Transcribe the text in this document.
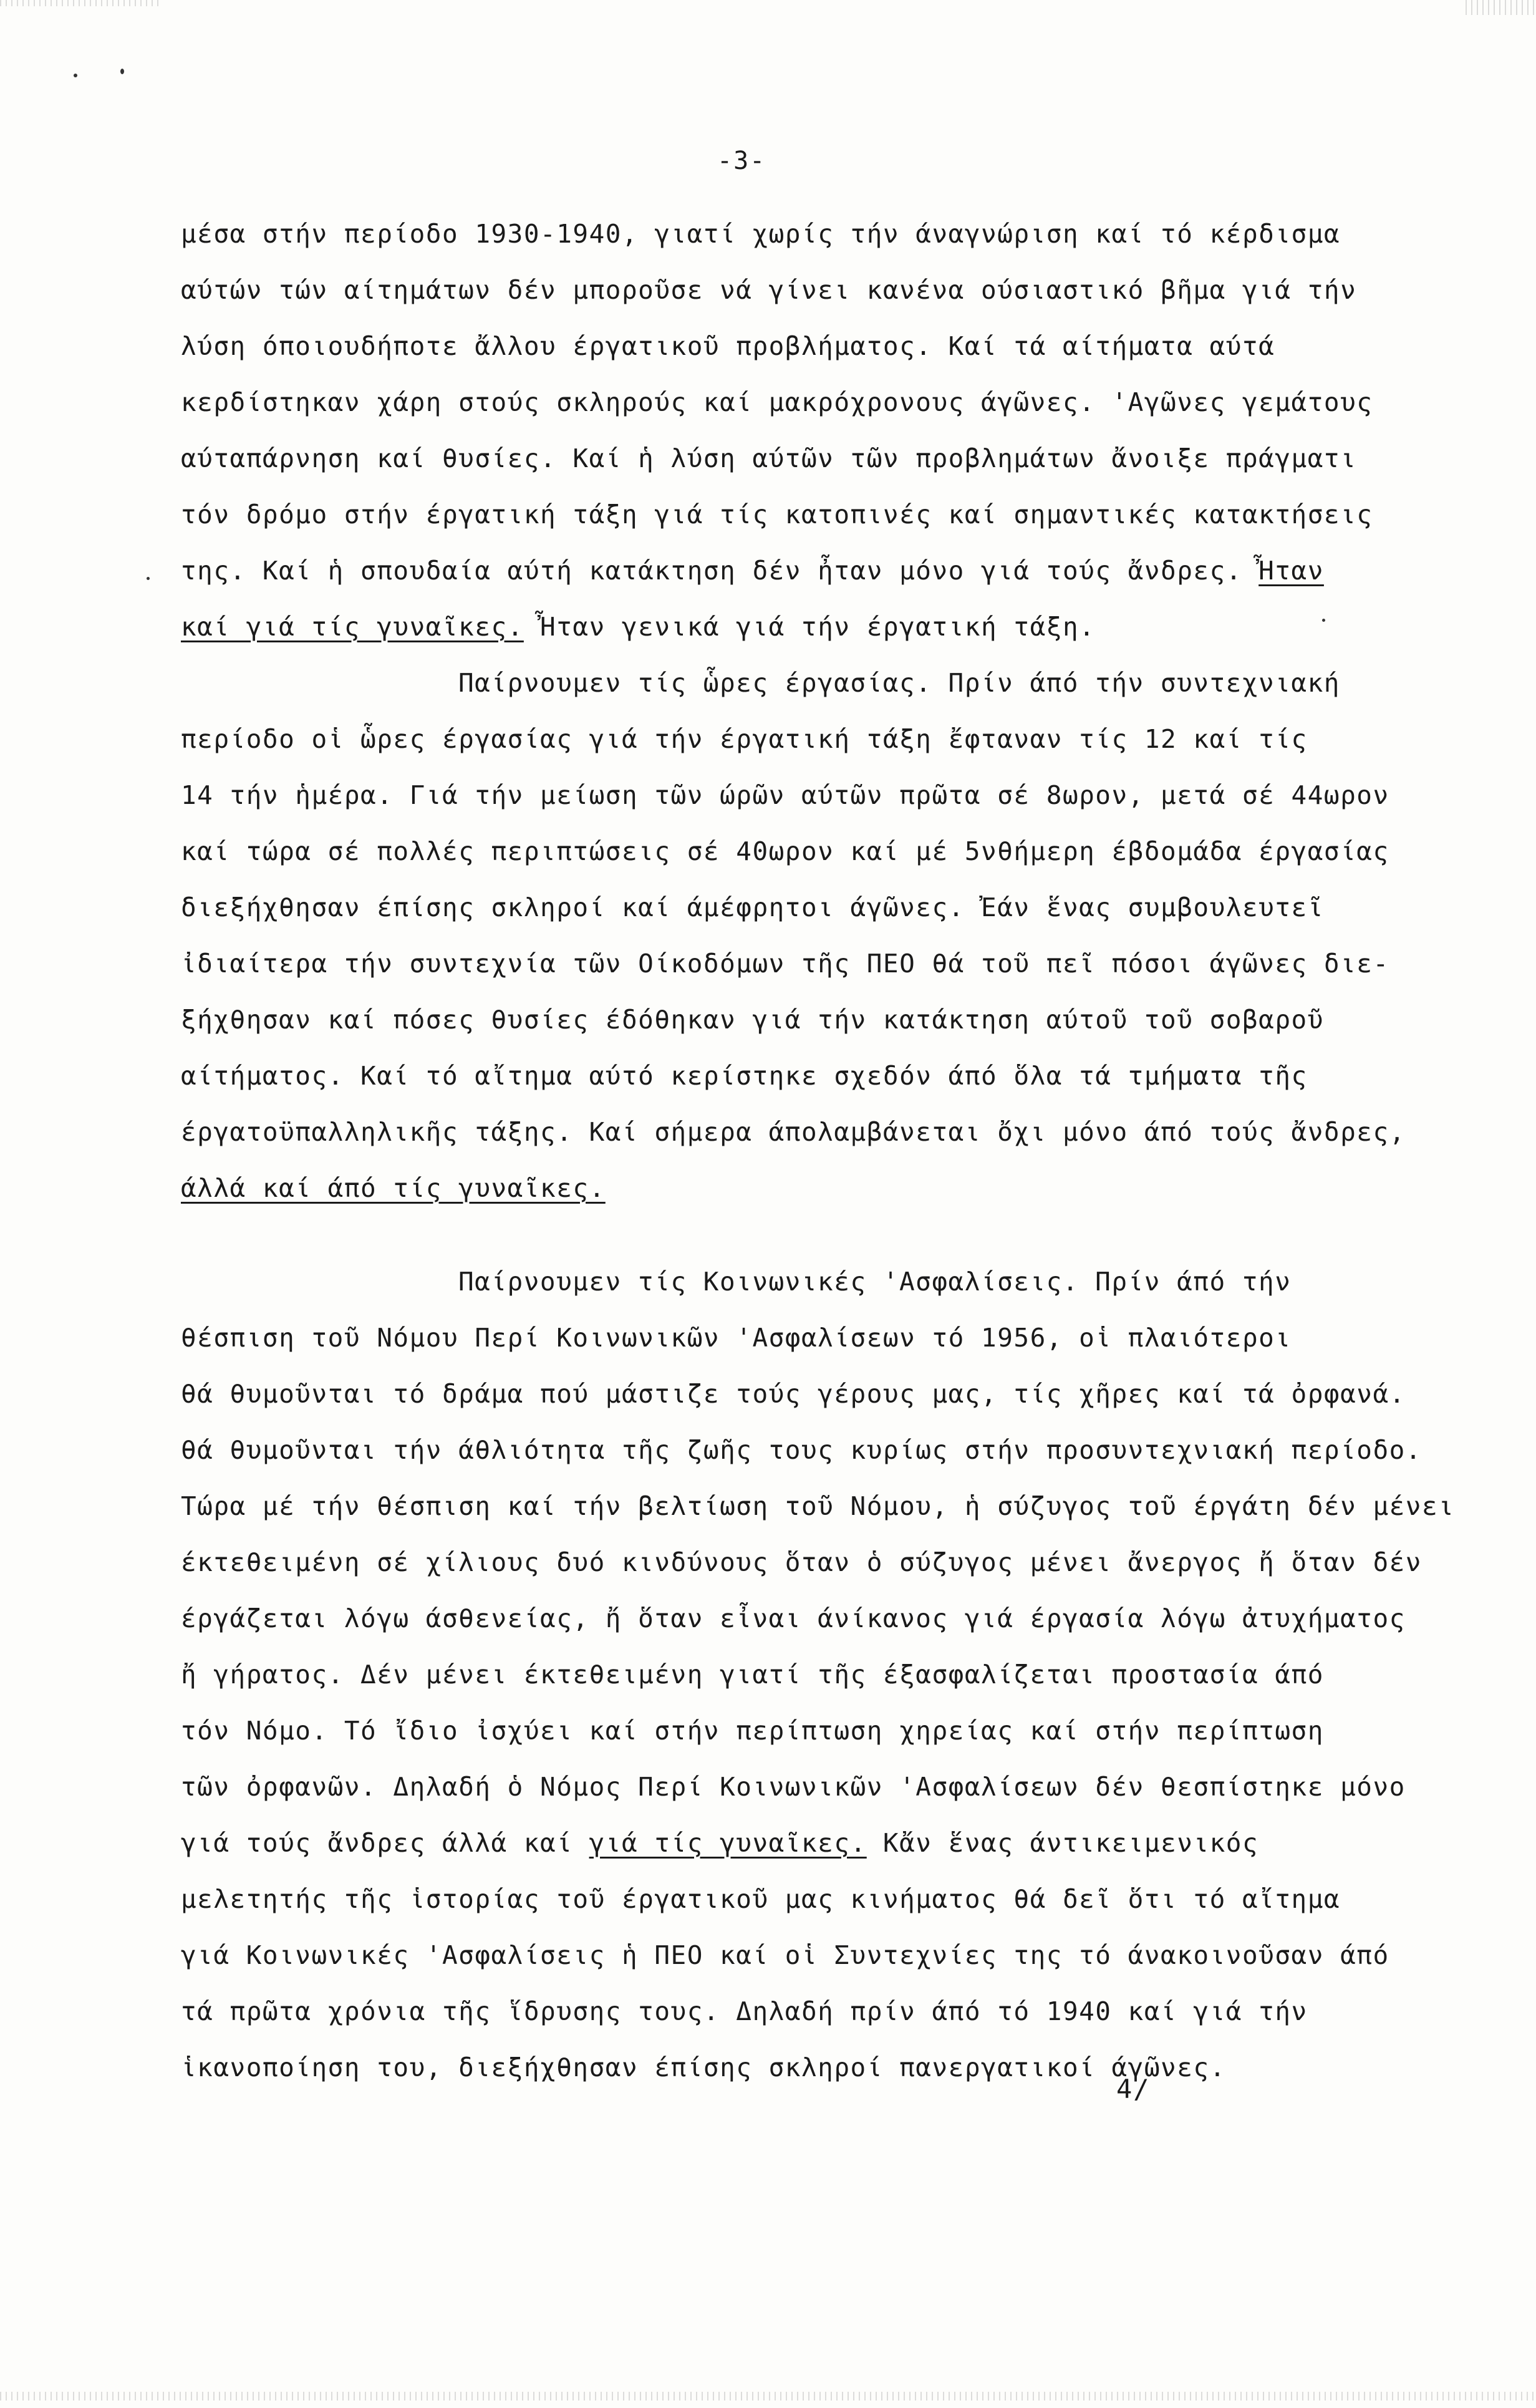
-3-
μέσα στήν περίοδο 1930-1940, γιατί χωρίς τήν άναγνώριση καί τό κέρδισμα
αύτών τών αίτημάτων δέν μποροῦσε νά γίνει κανένα ούσιαστικό βῆμα γιά τήν
λύση όποιουδήποτε ἄλλου έργατικοῦ προβλήματος. Καί τά αίτήματα αύτά
κερδίστηκαν χάρη στούς σκληρούς καί μακρόχρονους άγῶνες. 'Αγῶνες γεμάτους
αύταπάρνηση καί θυσίες. Καί ἡ λύση αύτῶν τῶν προβλημάτων ἄνοιξε πράγματι
τόν δρόμο στήν έργατική τάξη γιά τίς κατοπινές καί σημαντικές κατακτήσεις
της. Καί ἡ σπουδαία αύτή κατάκτηση δέν ἦταν μόνο γιά τούς ἄνδρες. Ἦταν
καί γιά τίς γυναῖκες. Ἦταν γενικά γιά τήν έργατική τάξη.
Παίρνουμεν τίς ὧρες έργασίας. Πρίν άπό τήν συντεχνιακή
περίοδο οἱ ὧρες έργασίας γιά τήν έργατική τάξη ἔφταναν τίς 12 καί τίς
14 τήν ἡμέρα. Γιά τήν μείωση τῶν ώρῶν αύτῶν πρῶτα σέ 8ωρον, μετά σέ 44ωρον
καί τώρα σέ πολλές περιπτώσεις σέ 40ωρον καί μέ 5νθήμερη έβδομάδα έργασίας
διεξήχθησαν έπίσης σκληροί καί άμέφρητοι άγῶνες. Ἐάν ἕνας συμβουλευτεῖ
ἰδιαίτερα τήν συντεχνία τῶν Οίκοδόμων τῆς ΠΕΟ θά τοῦ πεῖ πόσοι άγῶνες διε-
ξήχθησαν καί πόσες θυσίες έδόθηκαν γιά τήν κατάκτηση αύτοῦ τοῦ σοβαροῦ
αίτήματος. Καί τό αἴτημα αύτό κερίστηκε σχεδόν άπό ὅλα τά τμήματα τῆς
έργατοϋπαλληλικῆς τάξης. Καί σήμερα άπολαμβάνεται ὄχι μόνο άπό τούς ἄνδρες,
άλλά καί άπό τίς γυναῖκες.
Παίρνουμεν τίς Κοινωνικές 'Ασφαλίσεις. Πρίν άπό τήν
θέσπιση τοῦ Νόμου Περί Κοινωνικῶν 'Ασφαλίσεων τό 1956, οἱ πλαιότεροι
θά θυμοῦνται τό δράμα πού μάστιζε τούς γέρους μας, τίς χῆρες καί τά ὀρφανά.
θά θυμοῦνται τήν άθλιότητα τῆς ζωῆς τους κυρίως στήν προσυντεχνιακή περίοδο.
Τώρα μέ τήν θέσπιση καί τήν βελτίωση τοῦ Νόμου, ἡ σύζυγος τοῦ έργάτη δέν μένει
έκτεθειμένη σέ χίλιους δυό κινδύνους ὅταν ὁ σύζυγος μένει ἄνεργος ἤ ὅταν δέν
έργάζεται λόγω άσθενείας, ἤ ὅταν εἶναι άνίκανος γιά έργασία λόγω ἀτυχήματος
ἤ γήρατος. Δέν μένει έκτεθειμένη γιατί τῆς έξασφαλίζεται προστασία άπό
τόν Νόμο. Τό ἴδιο ἰσχύει καί στήν περίπτωση χηρείας καί στήν περίπτωση
τῶν ὀρφανῶν. Δηλαδή ὁ Νόμος Περί Κοινωνικῶν 'Ασφαλίσεων δέν θεσπίστηκε μόνο
γιά τούς ἄνδρες άλλά καί γιά τίς γυναῖκες. Κἄν ἕνας άντικειμενικός
μελετητής τῆς ἱστορίας τοῦ έργατικοῦ μας κινήματος θά δεῖ ὅτι τό αἴτημα
γιά Κοινωνικές 'Ασφαλίσεις ἡ ΠΕΟ καί οἱ Συντεχνίες της τό άνακοινοῦσαν άπό
τά πρῶτα χρόνια τῆς ἵδρυσης τους. Δηλαδή πρίν άπό τό 1940 καί γιά τήν
ἱκανοποίηση του, διεξήχθησαν έπίσης σκληροί πανεργατικοί άγῶνες.
4/
